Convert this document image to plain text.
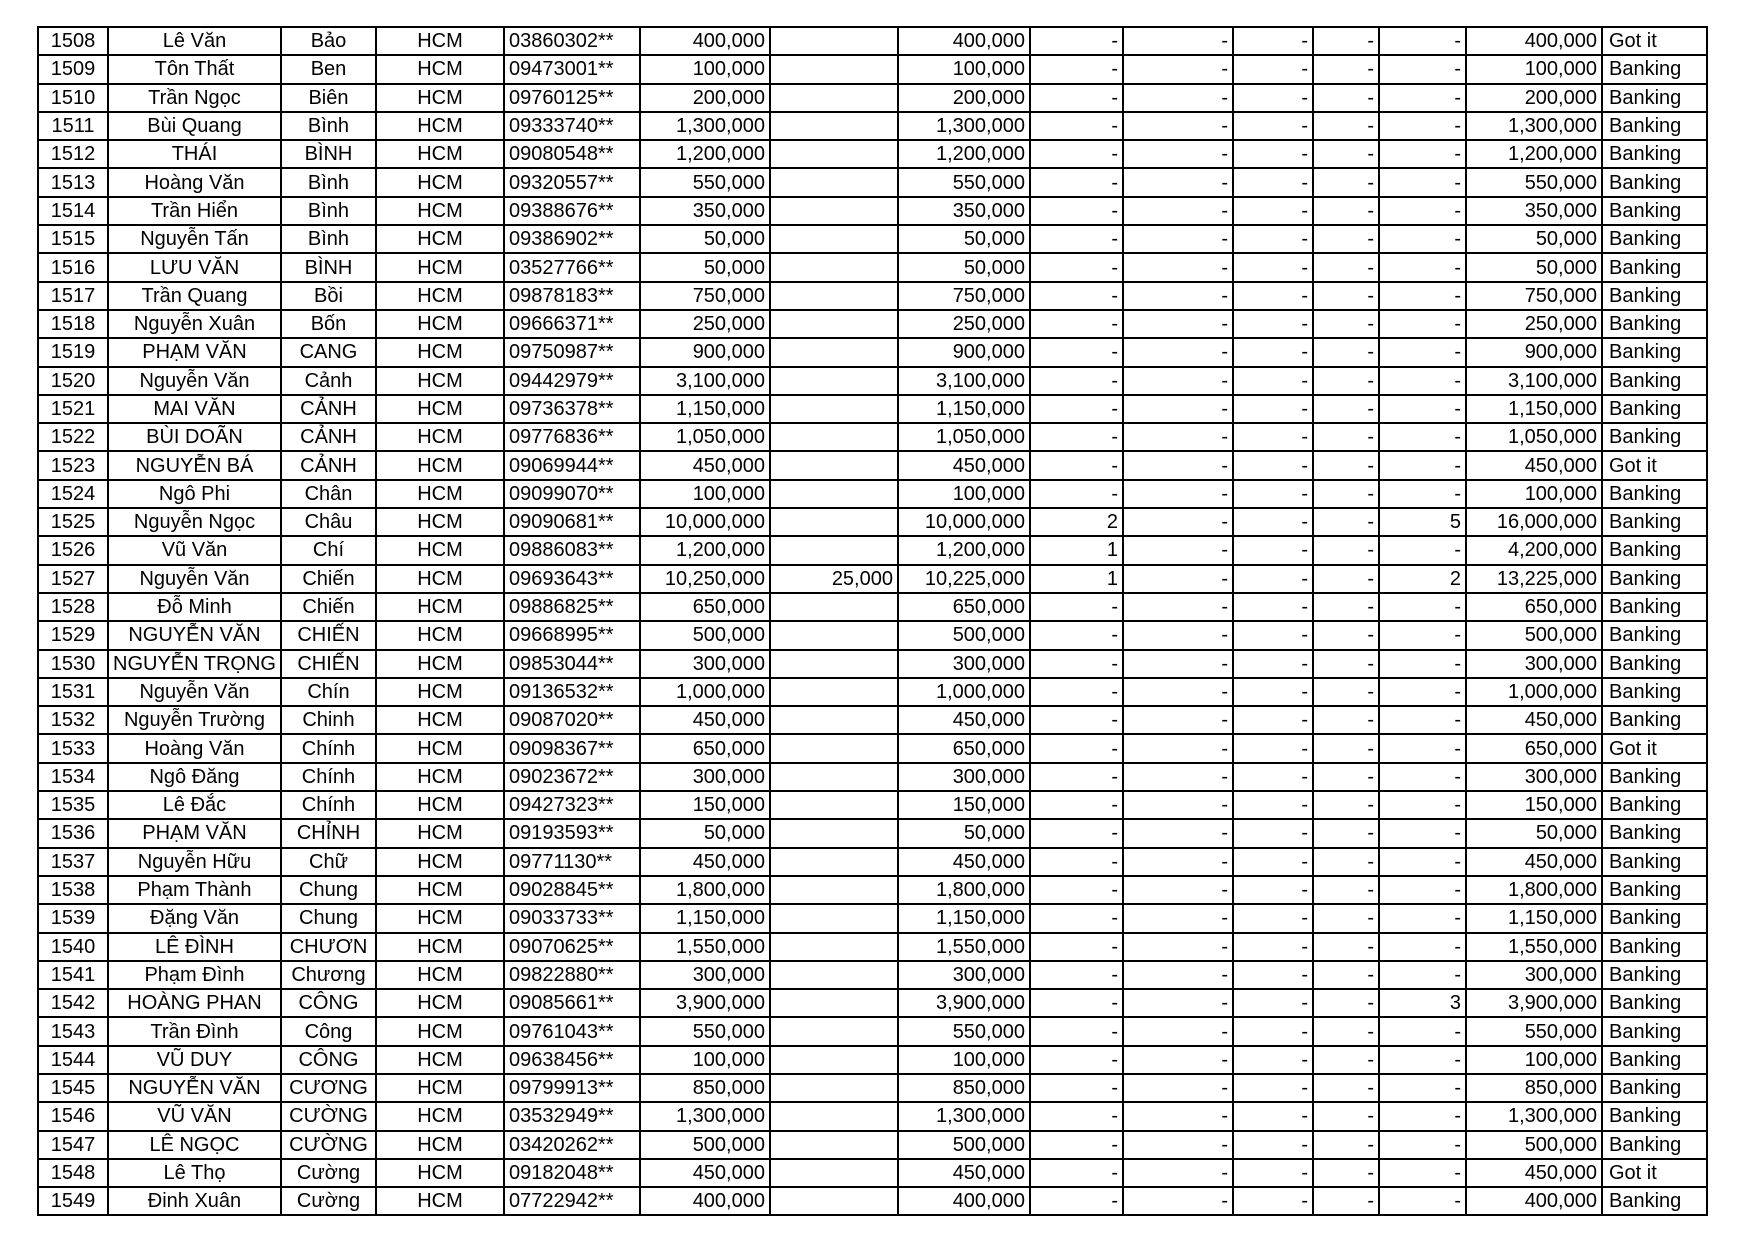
1508	Lê Văn	Bảo	HCM	03860302**	400,000		400,000	-	-	-	-	-	400,000	Got it
1509	Tôn Thất	Ben	HCM	09473001**	100,000		100,000	-	-	-	-	-	100,000	Banking
1510	Trần Ngọc	Biên	HCM	09760125**	200,000		200,000	-	-	-	-	-	200,000	Banking
1511	Bùi Quang	Bình	HCM	09333740**	1,300,000		1,300,000	-	-	-	-	-	1,300,000	Banking
1512	THÁI	BÌNH	HCM	09080548**	1,200,000		1,200,000	-	-	-	-	-	1,200,000	Banking
1513	Hoàng Văn	Bình	HCM	09320557**	550,000		550,000	-	-	-	-	-	550,000	Banking
1514	Trần Hiển	Bình	HCM	09388676**	350,000		350,000	-	-	-	-	-	350,000	Banking
1515	Nguyễn Tấn	Bình	HCM	09386902**	50,000		50,000	-	-	-	-	-	50,000	Banking
1516	LƯU VĂN	BÌNH	HCM	03527766**	50,000		50,000	-	-	-	-	-	50,000	Banking
1517	Trần Quang	Bồi	HCM	09878183**	750,000		750,000	-	-	-	-	-	750,000	Banking
1518	Nguyễn Xuân	Bốn	HCM	09666371**	250,000		250,000	-	-	-	-	-	250,000	Banking
1519	PHẠM VĂN	CANG	HCM	09750987**	900,000		900,000	-	-	-	-	-	900,000	Banking
1520	Nguyễn Văn	Cảnh	HCM	09442979**	3,100,000		3,100,000	-	-	-	-	-	3,100,000	Banking
1521	MAI VĂN	CẢNH	HCM	09736378**	1,150,000		1,150,000	-	-	-	-	-	1,150,000	Banking
1522	BÙI DOÃN	CẢNH	HCM	09776836**	1,050,000		1,050,000	-	-	-	-	-	1,050,000	Banking
1523	NGUYỄN BÁ	CẢNH	HCM	09069944**	450,000		450,000	-	-	-	-	-	450,000	Got it
1524	Ngô Phi	Chân	HCM	09099070**	100,000		100,000	-	-	-	-	-	100,000	Banking
1525	Nguyễn Ngọc	Châu	HCM	09090681**	10,000,000		10,000,000	2	-	-	-	5	16,000,000	Banking
1526	Vũ Văn	Chí	HCM	09886083**	1,200,000		1,200,000	1	-	-	-	-	4,200,000	Banking
1527	Nguyễn Văn	Chiến	HCM	09693643**	10,250,000	25,000	10,225,000	1	-	-	-	2	13,225,000	Banking
1528	Đỗ Minh	Chiến	HCM	09886825**	650,000		650,000	-	-	-	-	-	650,000	Banking
1529	NGUYỄN VĂN	CHIẾN	HCM	09668995**	500,000		500,000	-	-	-	-	-	500,000	Banking
1530	NGUYỄN TRỌNG	CHIẾN	HCM	09853044**	300,000		300,000	-	-	-	-	-	300,000	Banking
1531	Nguyễn Văn	Chín	HCM	09136532**	1,000,000		1,000,000	-	-	-	-	-	1,000,000	Banking
1532	Nguyễn Trường	Chinh	HCM	09087020**	450,000		450,000	-	-	-	-	-	450,000	Banking
1533	Hoàng Văn	Chính	HCM	09098367**	650,000		650,000	-	-	-	-	-	650,000	Got it
1534	Ngô Đăng	Chính	HCM	09023672**	300,000		300,000	-	-	-	-	-	300,000	Banking
1535	Lê Đắc	Chính	HCM	09427323**	150,000		150,000	-	-	-	-	-	150,000	Banking
1536	PHẠM VĂN	CHỈNH	HCM	09193593**	50,000		50,000	-	-	-	-	-	50,000	Banking
1537	Nguyễn Hữu	Chữ	HCM	09771130**	450,000		450,000	-	-	-	-	-	450,000	Banking
1538	Phạm Thành	Chung	HCM	09028845**	1,800,000		1,800,000	-	-	-	-	-	1,800,000	Banking
1539	Đặng Văn	Chung	HCM	09033733**	1,150,000		1,150,000	-	-	-	-	-	1,150,000	Banking
1540	LÊ ĐÌNH	CHƯƠN	HCM	09070625**	1,550,000		1,550,000	-	-	-	-	-	1,550,000	Banking
1541	Phạm Đình	Chương	HCM	09822880**	300,000		300,000	-	-	-	-	-	300,000	Banking
1542	HOÀNG PHAN	CÔNG	HCM	09085661**	3,900,000		3,900,000	-	-	-	-	3	3,900,000	Banking
1543	Trần Đình	Công	HCM	09761043**	550,000		550,000	-	-	-	-	-	550,000	Banking
1544	VŨ DUY	CÔNG	HCM	09638456**	100,000		100,000	-	-	-	-	-	100,000	Banking
1545	NGUYỄN VĂN	CƯƠNG	HCM	09799913**	850,000		850,000	-	-	-	-	-	850,000	Banking
1546	VŨ VĂN	CƯỜNG	HCM	03532949**	1,300,000		1,300,000	-	-	-	-	-	1,300,000	Banking
1547	LÊ NGỌC	CƯỜNG	HCM	03420262**	500,000		500,000	-	-	-	-	-	500,000	Banking
1548	Lê Thọ	Cường	HCM	09182048**	450,000		450,000	-	-	-	-	-	450,000	Got it
1549	Đinh Xuân	Cường	HCM	07722942**	400,000		400,000	-	-	-	-	-	400,000	Banking
